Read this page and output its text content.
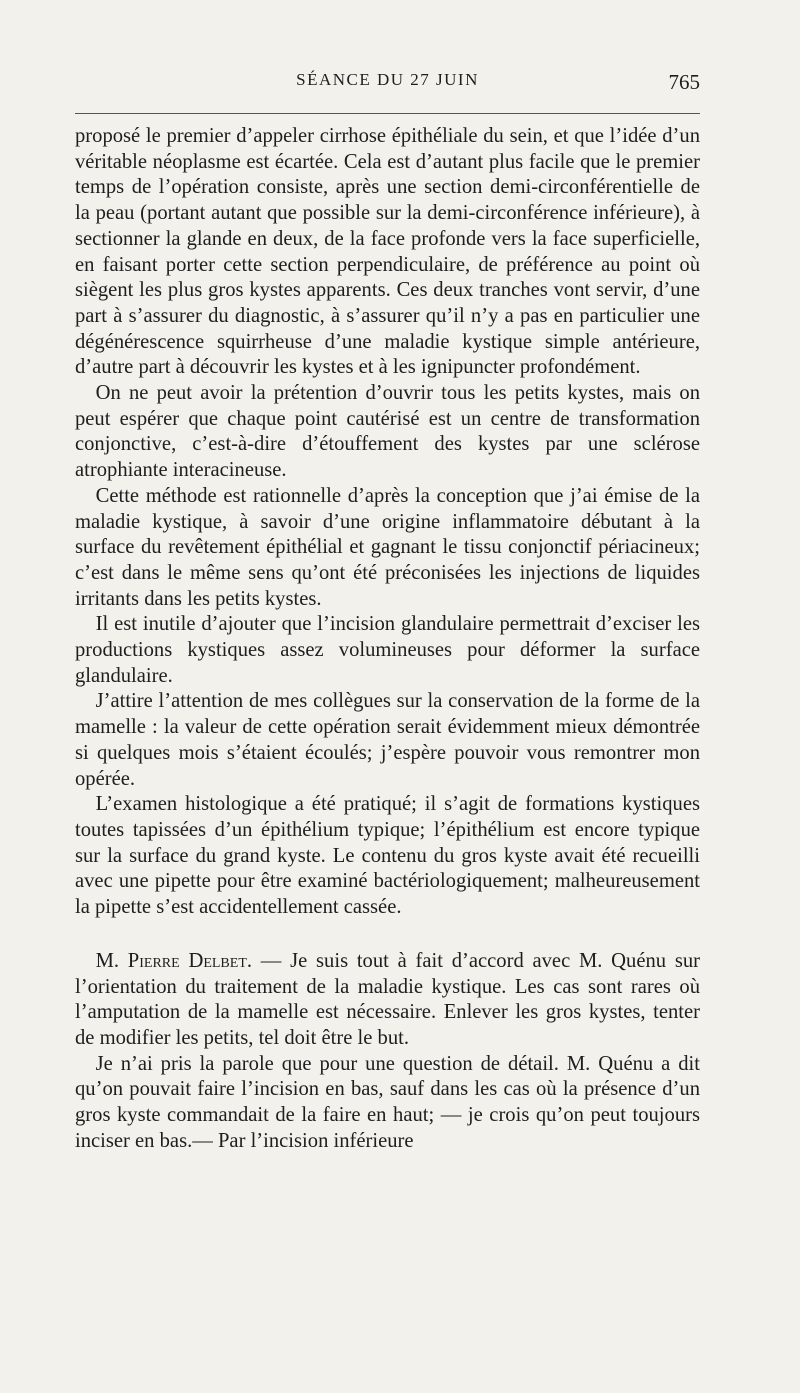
SÉANCE DU 27 JUIN	765

proposé le premier d’appeler cirrhose épithéliale du sein, et que l’idée d’un véritable néoplasme est écartée. Cela est d’autant plus facile que le premier temps de l’opération consiste, après une section demi-circonférentielle de la peau (portant autant que possible sur la demi-circonférence inférieure), à sectionner la glande en deux, de la face profonde vers la face superficielle, en faisant porter cette section perpendiculaire, de préférence au point où siègent les plus gros kystes apparents. Ces deux tranches vont servir, d’une part à s’assurer du diagnostic, à s’assurer qu’il n’y a pas en particulier une dégénérescence squirrheuse d’une maladie kystique simple antérieure, d’autre part à découvrir les kystes et à les ignipuncter profondément.

On ne peut avoir la prétention d’ouvrir tous les petits kystes, mais on peut espérer que chaque point cautérisé est un centre de transformation conjonctive, c’est-à-dire d’étouffement des kystes par une sclérose atrophiante interacineuse.

Cette méthode est rationnelle d’après la conception que j’ai émise de la maladie kystique, à savoir d’une origine inflammatoire débutant à la surface du revêtement épithélial et gagnant le tissu conjonctif périacineux; c’est dans le même sens qu’ont été préconisées les injections de liquides irritants dans les petits kystes.

Il est inutile d’ajouter que l’incision glandulaire permettrait d’exciser les productions kystiques assez volumineuses pour déformer la surface glandulaire.

J’attire l’attention de mes collègues sur la conservation de la forme de la mamelle : la valeur de cette opération serait évidemment mieux démontrée si quelques mois s’étaient écoulés; j’espère pouvoir vous remontrer mon opérée.

L’examen histologique a été pratiqué; il s’agit de formations kystiques toutes tapissées d’un épithélium typique; l’épithélium est encore typique sur la surface du grand kyste. Le contenu du gros kyste avait été recueilli avec une pipette pour être examiné bactériologiquement; malheureusement la pipette s’est accidentellement cassée.

M. Pierre Delbet. — Je suis tout à fait d’accord avec M. Quénu sur l’orientation du traitement de la maladie kystique. Les cas sont rares où l’amputation de la mamelle est nécessaire. Enlever les gros kystes, tenter de modifier les petits, tel doit être le but.

Je n’ai pris la parole que pour une question de détail. M. Quénu a dit qu’on pouvait faire l’incision en bas, sauf dans les cas où la présence d’un gros kyste commandait de la faire en haut; — je crois qu’on peut toujours inciser en bas.— Par l’incision inférieure
